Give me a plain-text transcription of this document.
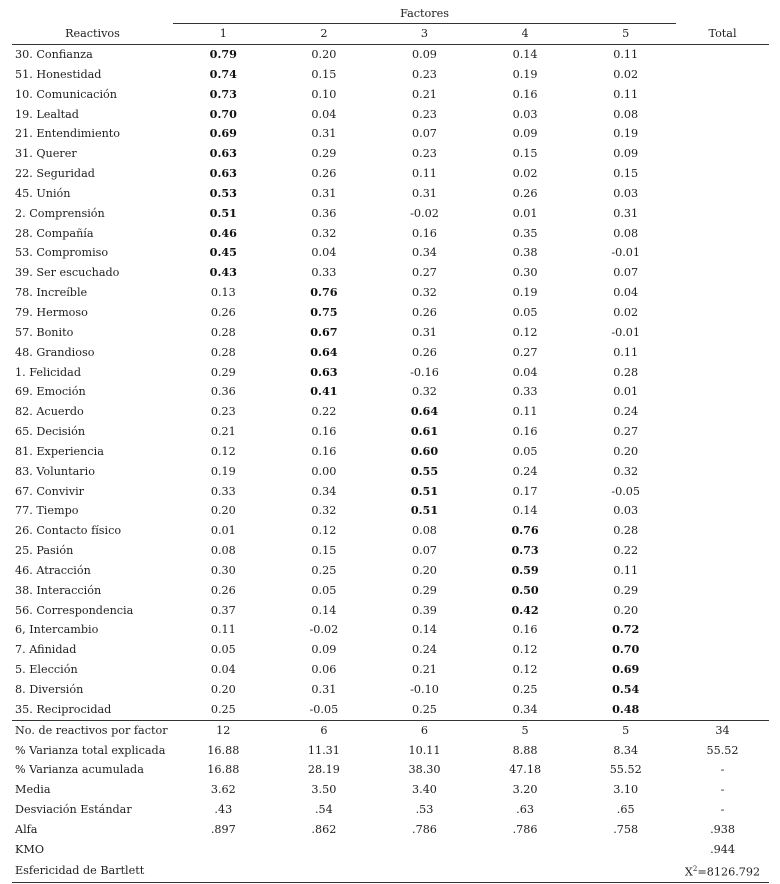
	Factores					
Reactivos	1	2	3	4	5	Total
30. Confianza	0.79	0.20	0.09	0.14	0.11	
51. Honestidad	0.74	0.15	0.23	0.19	0.02	
10. Comunicación	0.73	0.10	0.21	0.16	0.11	
19. Lealtad	0.70	0.04	0.23	0.03	0.08	
21. Entendimiento	0.69	0.31	0.07	0.09	0.19	
31. Querer	0.63	0.29	0.23	0.15	0.09	
22. Seguridad	0.63	0.26	0.11	0.02	0.15	
45. Unión	0.53	0.31	0.31	0.26	0.03	
2. Comprensión	0.51	0.36	-0.02	0.01	0.31	
28. Compañía	0.46	0.32	0.16	0.35	0.08	
53. Compromiso	0.45	0.04	0.34	0.38	-0.01	
39. Ser escuchado	0.43	0.33	0.27	0.30	0.07	
78. Increíble	0.13	0.76	0.32	0.19	0.04	
79. Hermoso	0.26	0.75	0.26	0.05	0.02	
57. Bonito	0.28	0.67	0.31	0.12	-0.01	
48. Grandioso	0.28	0.64	0.26	0.27	0.11	
1. Felicidad	0.29	0.63	-0.16	0.04	0.28	
69. Emoción	0.36	0.41	0.32	0.33	0.01	
82. Acuerdo	0.23	0.22	0.64	0.11	0.24	
65. Decisión	0.21	0.16	0.61	0.16	0.27	
81. Experiencia	0.12	0.16	0.60	0.05	0.20	
83. Voluntario	0.19	0.00	0.55	0.24	0.32	
67. Convivir	0.33	0.34	0.51	0.17	-0.05	
77. Tiempo	0.20	0.32	0.51	0.14	0.03	
26. Contacto físico	0.01	0.12	0.08	0.76	0.28	
25. Pasión	0.08	0.15	0.07	0.73	0.22	
46. Atracción	0.30	0.25	0.20	0.59	0.11	
38. Interacción	0.26	0.05	0.29	0.50	0.29	
56. Correspondencia	0.37	0.14	0.39	0.42	0.20	
6, Intercambio	0.11	-0.02	0.14	0.16	0.72	
7. Afinidad	0.05	0.09	0.24	0.12	0.70	
5. Elección	0.04	0.06	0.21	0.12	0.69	
8. Diversión	0.20	0.31	-0.10	0.25	0.54	
35. Reciprocidad	0.25	-0.05	0.25	0.34	0.48	
No. de reactivos por factor	12	6	6	5	5	34
% Varianza total explicada	16.88	11.31	10.11	8.88	8.34	55.52
% Varianza acumulada	16.88	28.19	38.30	47.18	55.52	-
Media	3.62	3.50	3.40	3.20	3.10	-
Desviación Estándar	.43	.54	.53	.63	.65	-
Alfa	.897	.862	.786	.786	.758	.938
KMO						.944
Esfericidad de Bartlett						$X^2=8126.792$
